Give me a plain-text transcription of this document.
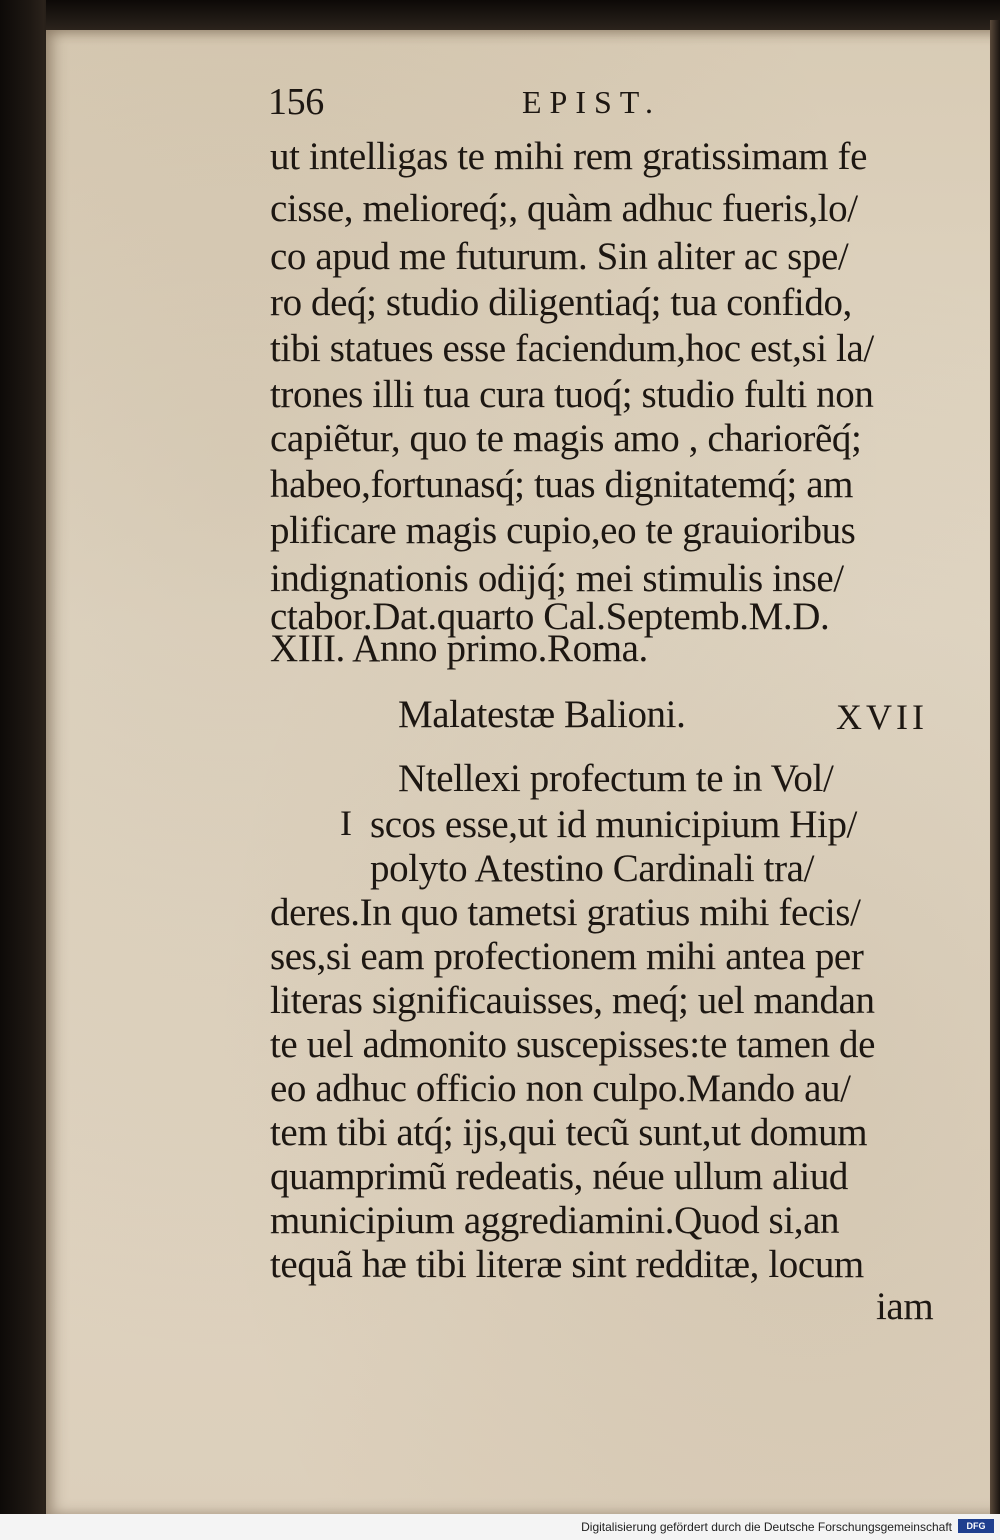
156	EPIST.
ut intelligas te mihi rem gratissimam fe
cisse, melioreq́;, quàm adhuc fueris,lo/
co apud me futurum. Sin aliter ac spe/
ro deq́; studio diligentiaq́; tua confido,
tibi statues esse faciendum,hoc est,si la/
trones illi tua cura tuoq́; studio fulti non
capiẽtur, quo te magis amo , chariorẽq́;
habeo,fortunasq́; tuas dignitatemq́; am
plificare magis cupio,eo te grauioribus
indignationis odijq́; mei stimulis inse/
ctabor.Dat.quarto Cal.Septemb.M.D.
Malatestæ Balioni.	XVII
I
Ntellexi profectum te in Vol/
scos esse,ut id municipium Hip/
polyto Atestino Cardinali tra/
deres.In quo tametsi gratius mihi fecis/
ses,si eam profectionem mihi antea per
literas significauisses, meq́; uel mandan
te uel admonito suscepisses:te tamen de
eo adhuc officio non culpo.Mando au/
tem tibi atq́; ijs,qui tecũ sunt,ut domum
quamprimũ redeatis, néue ullum aliud
municipium aggrediamini.Quod si,an
iam
Digitalisierung gefördert durch die Deutsche Forschungsgemeinschaft	DFG
XIII. Anno primo.Roma.
tequã hæ tibi literæ sint redditæ, locum
